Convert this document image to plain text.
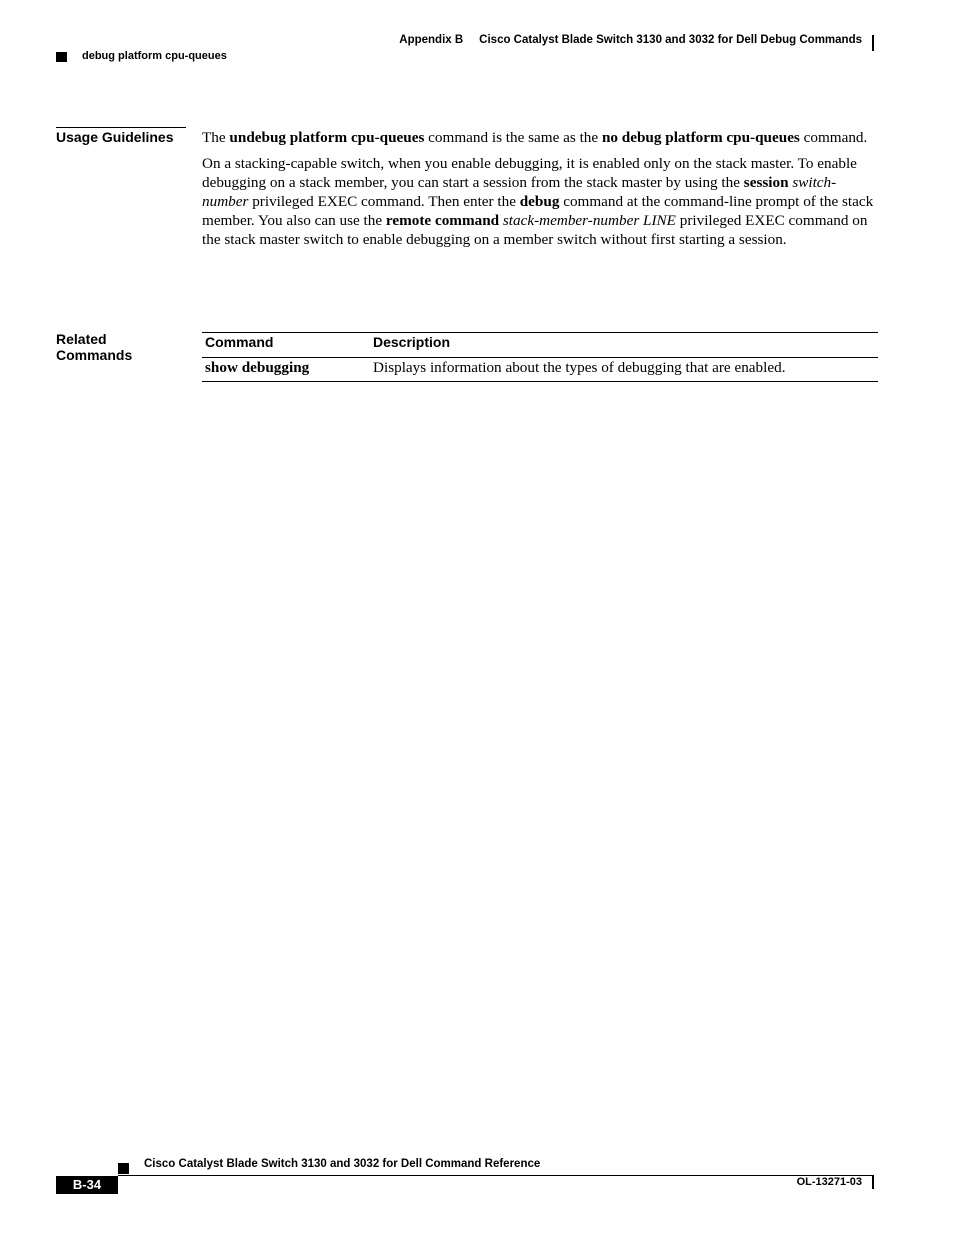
Appendix B Cisco Catalyst Blade Switch 3130 and 3032 for Dell Debug Commands
debug platform cpu-queues
Usage Guidelines	The undebug platform cpu-queues command is the same as the no debug platform cpu-queues command.

On a stacking-capable switch, when you enable debugging, it is enabled only on the stack master. To enable debugging on a stack member, you can start a session from the stack master by using the session switch-number privileged EXEC command. Then enter the debug command at the command-line prompt of the stack member. You also can use the remote command stack-member-number LINE privileged EXEC command on the stack master switch to enable debugging on a member switch without first starting a session.

Related Commands
Command	Description
show debugging	Displays information about the types of debugging that are enabled.
Cisco Catalyst Blade Switch 3130 and 3032 for Dell Command Reference
B-34	OL-13271-03
